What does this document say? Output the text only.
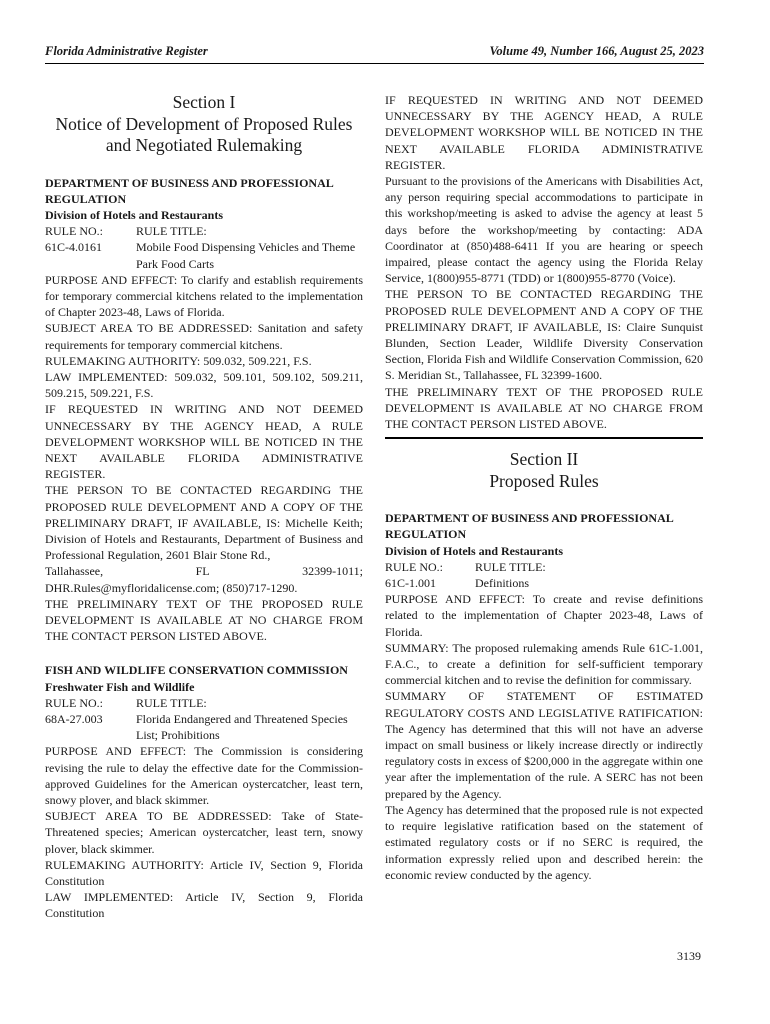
Florida Administrative Register	Volume 49, Number 166, August 25, 2023

Section I

Notice of Development of Proposed Rules

and Negotiated Rulemaking

DEPARTMENT OF BUSINESS AND PROFESSIONAL REGULATION

Division of Hotels and Restaurants

RULE NO.:	RULE TITLE:
61C-4.0161	Mobile Food Dispensing Vehicles and Theme Park Food Carts

PURPOSE AND EFFECT: To clarify and establish requirements for temporary commercial kitchens related to the implementation of Chapter 2023-48, Laws of Florida.

SUBJECT AREA TO BE ADDRESSED: Sanitation and safety requirements for temporary commercial kitchens.

RULEMAKING AUTHORITY: 509.032, 509.221, F.S.

LAW IMPLEMENTED: 509.032, 509.101, 509.102, 509.211, 509.215, 509.221, F.S.

IF REQUESTED IN WRITING AND NOT DEEMED UNNECESSARY BY THE AGENCY HEAD, A RULE DEVELOPMENT WORKSHOP WILL BE NOTICED IN THE NEXT AVAILABLE FLORIDA ADMINISTRATIVE REGISTER.

THE PERSON TO BE CONTACTED REGARDING THE PROPOSED RULE DEVELOPMENT AND A COPY OF THE PRELIMINARY DRAFT, IF AVAILABLE, IS: Michelle Keith; Division of Hotels and Restaurants, Department of Business and Professional Regulation, 2601 Blair Stone Rd.,

Tallahassee,	FL	32399-1011;

DHR.Rules@myfloridalicense.com; (850)717-1290.

THE PRELIMINARY TEXT OF THE PROPOSED RULE DEVELOPMENT IS AVAILABLE AT NO CHARGE FROM THE CONTACT PERSON LISTED ABOVE.

FISH AND WILDLIFE CONSERVATION COMMISSION

Freshwater Fish and Wildlife

RULE NO.:	RULE TITLE:
68A-27.003	Florida Endangered and Threatened Species List; Prohibitions

PURPOSE AND EFFECT: The Commission is considering revising the rule to delay the effective date for the Commission-approved Guidelines for the American oystercatcher, least tern, snowy plover, and black skimmer.

SUBJECT AREA TO BE ADDRESSED: Take of State-Threatened species; American oystercatcher, least tern, snowy plover, black skimmer.

RULEMAKING AUTHORITY: Article IV, Section 9, Florida Constitution

LAW IMPLEMENTED: Article IV, Section 9, Florida Constitution

IF REQUESTED IN WRITING AND NOT DEEMED UNNECESSARY BY THE AGENCY HEAD, A RULE DEVELOPMENT WORKSHOP WILL BE NOTICED IN THE NEXT AVAILABLE FLORIDA ADMINISTRATIVE REGISTER.

Pursuant to the provisions of the Americans with Disabilities Act, any person requiring special accommodations to participate in this workshop/meeting is asked to advise the agency at least 5 days before the workshop/meeting by contacting: ADA Coordinator at (850)488-6411 If you are hearing or speech impaired, please contact the agency using the Florida Relay Service, 1(800)955-8771 (TDD) or 1(800)955-8770 (Voice).

THE PERSON TO BE CONTACTED REGARDING THE PROPOSED RULE DEVELOPMENT AND A COPY OF THE PRELIMINARY DRAFT, IF AVAILABLE, IS: Claire Sunquist Blunden, Section Leader, Wildlife Diversity Conservation Section, Florida Fish and Wildlife Conservation Commission, 620 S. Meridian St., Tallahassee, FL 32399-1600.

THE PRELIMINARY TEXT OF THE PROPOSED RULE DEVELOPMENT IS AVAILABLE AT NO CHARGE FROM THE CONTACT PERSON LISTED ABOVE.

Section II

Proposed Rules

DEPARTMENT OF BUSINESS AND PROFESSIONAL REGULATION

Division of Hotels and Restaurants

RULE NO.:	RULE TITLE:
61C-1.001	Definitions

PURPOSE AND EFFECT: To create and revise definitions related to the implementation of Chapter 2023-48, Laws of Florida.

SUMMARY: The proposed rulemaking amends Rule 61C-1.001, F.A.C., to create a definition for self-sufficient temporary commercial kitchen and to revise the definition for commissary.

SUMMARY OF STATEMENT OF ESTIMATED REGULATORY COSTS AND LEGISLATIVE RATIFICATION:

The Agency has determined that this will not have an adverse impact on small business or likely increase directly or indirectly regulatory costs in excess of $200,000 in the aggregate within one year after the implementation of the rule. A SERC has not been prepared by the Agency.

The Agency has determined that the proposed rule is not expected to require legislative ratification based on the statement of estimated regulatory costs or if no SERC is required, the information expressly relied upon and described herein: the economic review conducted by the agency.

3139
